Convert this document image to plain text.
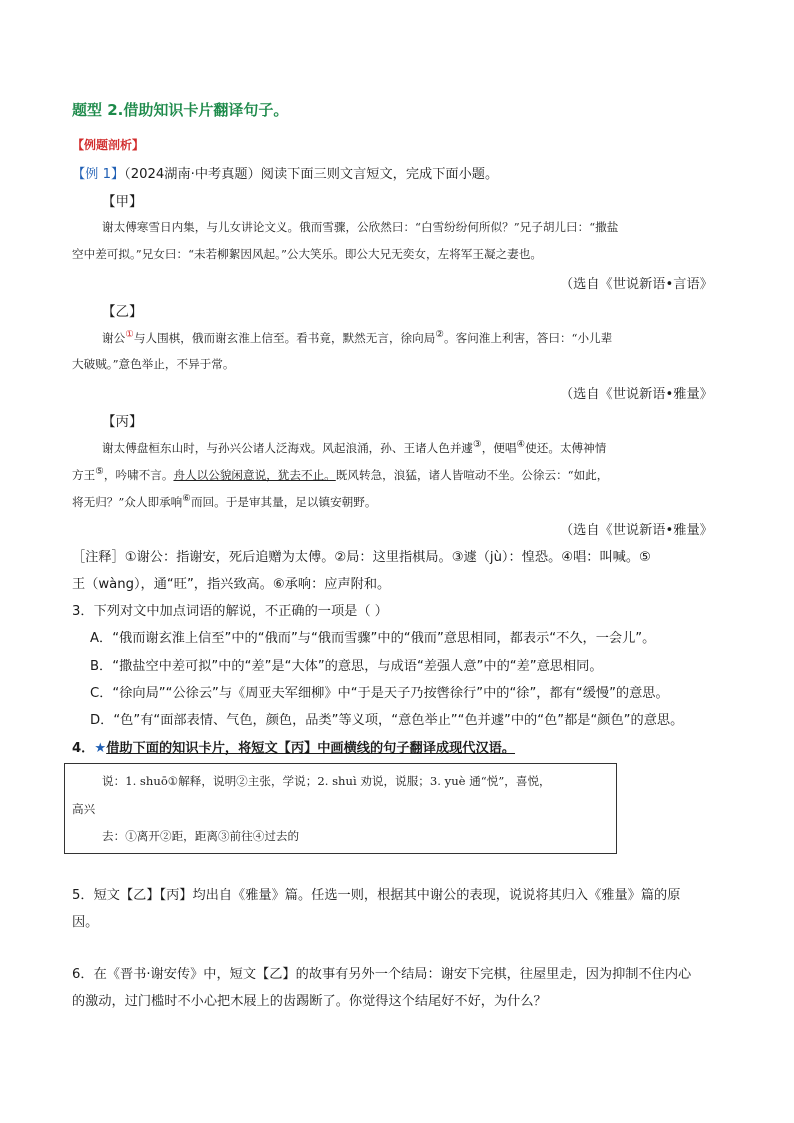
题型 2.借助知识卡片翻译句子。
【例题剖析】
【例 1】（2024湖南·中考真题）阅读下面三则文言短文，完成下面小题。
【甲】
谢太傅寒雪日内集，与儿女讲论文义。俄而雪骤，公欣然曰：“白雪纷纷何所似？”兄子胡儿曰：“撒盐
空中差可拟。”兄女曰：“未若柳絮因风起。”公大笑乐。即公大兄无奕女，左将军王凝之妻也。
（选自《世说新语•言语》
【乙】
谢公①与人围棋，俄而谢玄淮上信至。看书竟，默然无言，徐向局②。客问淮上利害，答曰：“小儿辈
大破贼。”意色举止，不异于常。
（选自《世说新语•雅量》
【丙】
谢太傅盘桓东山时，与孙兴公诸人泛海戏。风起浪涌，孙、王诸人色并遽③，便唱④使还。太傅神情
方王⑤，吟啸不言。舟人以公貌闲意说，犹去不止。既风转急，浪猛，诸人皆喧动不坐。公徐云：“如此，
将无归？”众人即承响⑥而回。于是审其量，足以镇安朝野。
（选自《世说新语•雅量》
［注释］①谢公：指谢安，死后追赠为太傅。②局：这里指棋局。③遽（jù）：惶恐。④唱：叫喊。⑤
王（wàng），通“旺”，指兴致高。⑥承响：应声附和。
3．下列对文中加点词语的解说，不正确的一项是（ ）
A．“俄而谢玄淮上信至”中的“俄而”与“俄而雪骤”中的“俄而”意思相同，都表示“不久，一会儿”。
B．“撒盐空中差可拟”中的“差”是“大体”的意思，与成语“差强人意”中的“差”意思相同。
C．“徐向局”“公徐云”与《周亚夫军细柳》中“于是天子乃按辔徐行”中的“徐”，都有“缓慢”的意思。
D．“色”有“面部表情、气色，颜色，品类”等义项，“意色举止”“色并遽”中的“色”都是“颜色”的意思。
4．★借助下面的知识卡片，将短文【丙】中画横线的句子翻译成现代汉语。
说：1. shuō①解释，说明②主张，学说；2. shuì 劝说，说服；3. yuè 通“悦”，喜悦，
高兴
去：①离开②距，距离③前往④过去的
5．短文【乙】【丙】均出自《雅量》篇。任选一则，根据其中谢公的表现，说说将其归入《雅量》篇的原
因。
6．在《晋书·谢安传》中，短文【乙】的故事有另外一个结局：谢安下完棋，往屋里走，因为抑制不住内心
的激动，过门槛时不小心把木屐上的齿踢断了。你觉得这个结尾好不好，为什么？
